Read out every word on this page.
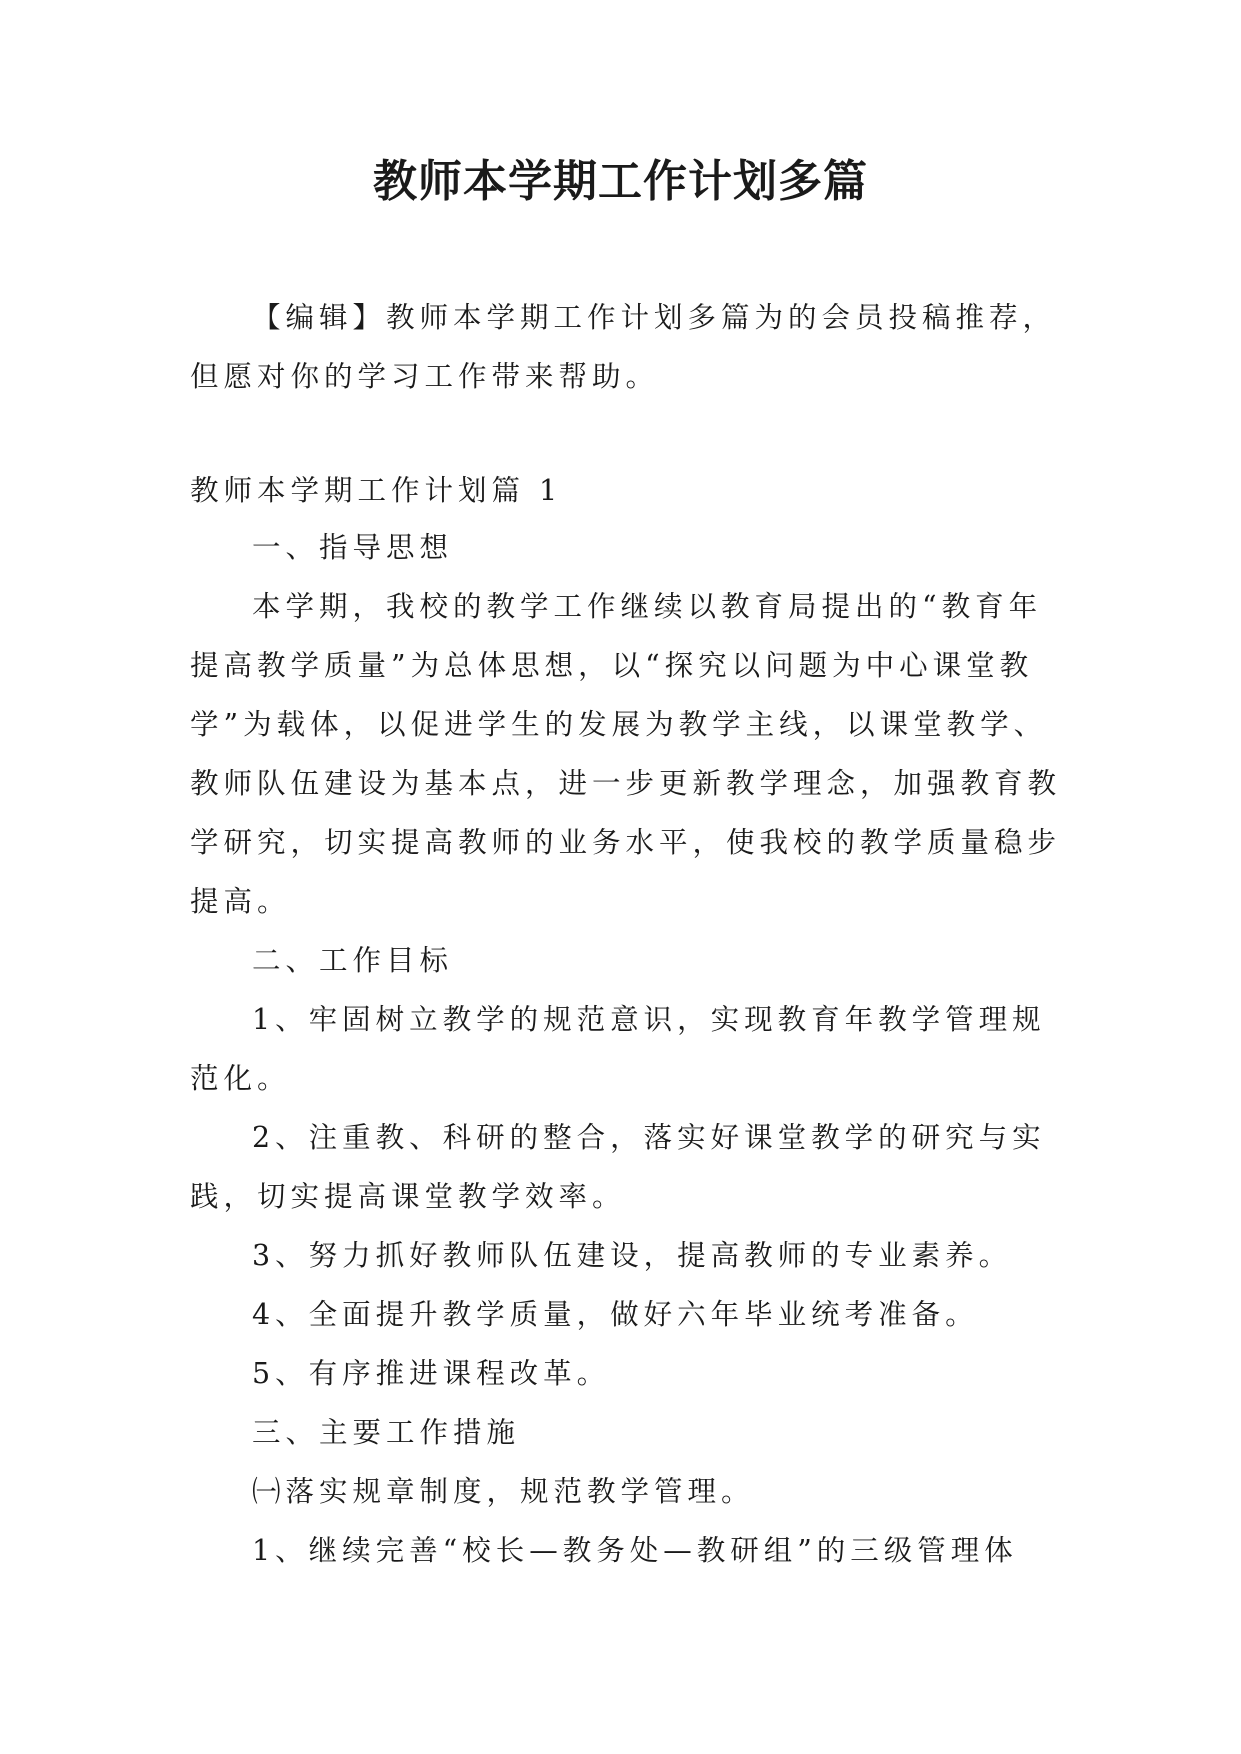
教师本学期工作计划多篇
【编辑】教师本学期工作计划多篇为的会员投稿推荐，
但愿对你的学习工作带来帮助。
教师本学期工作计划篇 1
一、指导思想
本学期，我校的教学工作继续以教育局提出的“教育年
提高教学质量”为总体思想，以“探究以问题为中心课堂教
学”为载体，以促进学生的发展为教学主线，以课堂教学、
教师队伍建设为基本点，进一步更新教学理念，加强教育教
学研究，切实提高教师的业务水平，使我校的教学质量稳步
提高。
二、工作目标
1、牢固树立教学的规范意识，实现教育年教学管理规
范化。
2、注重教、科研的整合，落实好课堂教学的研究与实
践，切实提高课堂教学效率。
3、努力抓好教师队伍建设，提高教师的专业素养。
4、全面提升教学质量，做好六年毕业统考准备。
5、有序推进课程改革。
三、主要工作措施
㈠落实规章制度，规范教学管理。
1、继续完善“校长—教务处—教研组”的三级管理体
